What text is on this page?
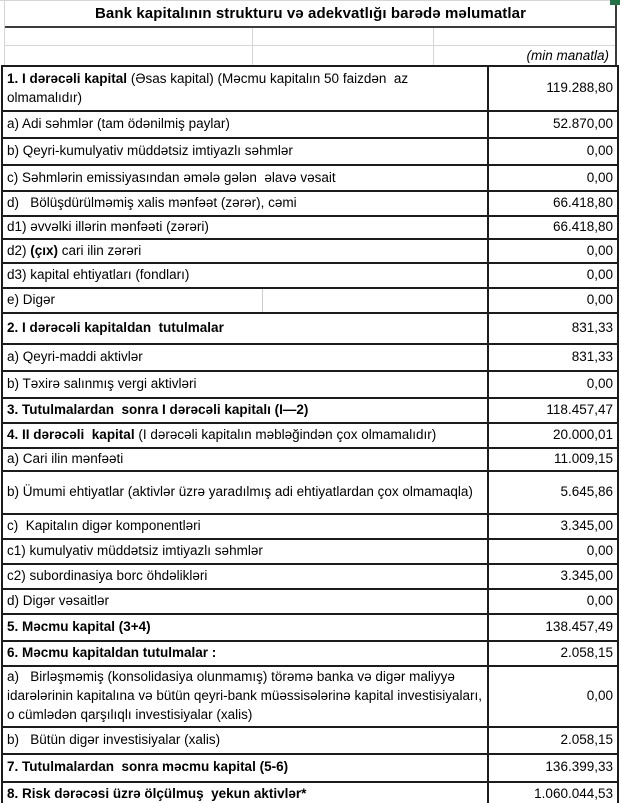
Bank kapitalının strukturu və adekvatlığı barədə məlumatlar
(min manatla)
1. I dərəcəli kapital (Əsas kapital) (Məcmu kapitalın 50 faizdən  az olmamalıdır)	119.288,80
a) Adi səhmlər (tam ödənilmiş paylar)	52.870,00
b) Qeyri-kumulyativ müddətsiz imtiyazlı səhmlər	0,00
c) Səhmlərin emissiyasından əmələ gələn  əlavə vəsait	0,00
d)   Bölüşdürülməmiş xalis mənfəət (zərər), cəmi	66.418,80
d1) əvvəlki illərin mənfəəti (zərəri)	66.418,80
d2) (çıx) cari ilin zərəri	0,00
d3) kapital ehtiyatları (fondları)	0,00
e) Digər	0,00
2. I dərəcəli kapitaldan  tutulmalar	831,33
a) Qeyri-maddi aktivlər	831,33
b) Təxirə salınmış vergi aktivləri	0,00
3. Tutulmalardan  sonra I dərəcəli kapitalı (I—2)	118.457,47
4. II dərəcəli  kapital (I dərəcəli kapitalın məbləğindən çox olmamalıdır)	20.000,01
a) Cari ilin mənfəəti	11.009,15
b) Ümumi ehtiyatlar (aktivlər üzrə yaradılmış adi ehtiyatlardan çox olmamaqla)	5.645,86
c)  Kapitalın digər komponentləri	3.345,00
c1) kumulyativ müddətsiz imtiyazlı səhmlər	0,00
c2) subordinasiya borc öhdəlikləri	3.345,00
d) Digər vəsaitlər	0,00
5. Məcmu kapital (3+4)	138.457,49
6. Məcmu kapitaldan tutulmalar :	2.058,15
a)   Birləşməmiş (konsolidasiya olunmamış) törəmə banka və digər maliyyə idarələrinin kapitalına və bütün qeyri-bank müəssisələrinə kapital investisiyaları, o cümlədən qarşılıqlı investisiyalar (xalis)	0,00
b)   Bütün digər investisiyalar (xalis)	2.058,15
7. Tutulmalardan  sonra məcmu kapital (5-6)	136.399,33
8. Risk dərəcəsi üzrə ölçülmuş  yekun aktivlər*	1.060.044,53
